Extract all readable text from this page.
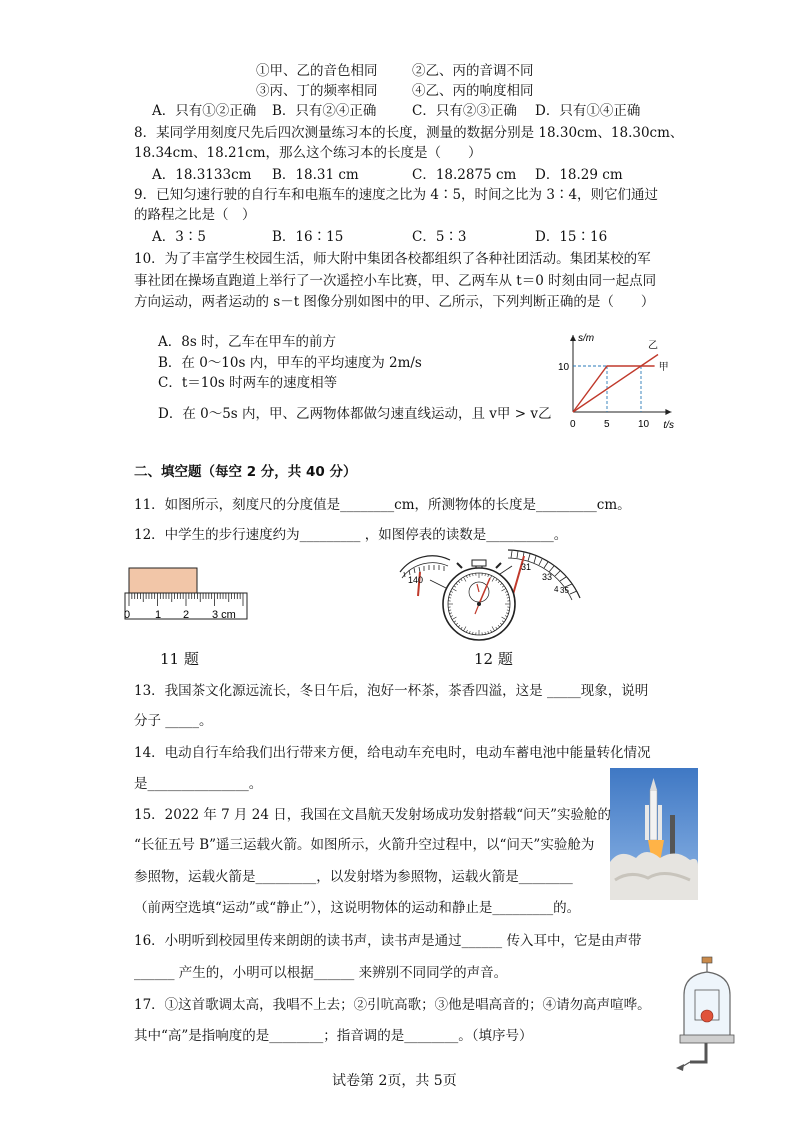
①甲、乙的音色相同	②乙、丙的音调不同
③丙、丁的频率相同	④乙、丙的响度相同
A．只有①②正确 B．只有②④正确	C．只有②③正确 D．只有①④正确
8．某同学用刻度尺先后四次测量练习本的长度，测量的数据分别是 18.30cm、18.30cm、
18.34cm、18.21cm，那么这个练习本的长度是（　　）
A．18.3133cm B．18.31 cm	C．18.2875 cm D．18.29 cm
9．已知匀速行驶的自行车和电瓶车的速度之比为 4∶5，时间之比为 3∶4，则它们通过
的路程之比是（　）
A．3∶5	B．16∶15	C．5∶3	D．15∶16
10．为了丰富学生校园生活，师大附中集团各校都组织了各种社团活动。集团某校的军
事社团在操场直跑道上举行了一次遥控小车比赛，甲、乙两车从 t＝0 时刻由同一起点同
方向运动，两者运动的 s－t 图像分别如图中的甲、乙所示，下列判断正确的是（　　）
A．8s 时，乙车在甲车的前方
B．在 0～10s 内，甲车的平均速度为 2m/s
C．t＝10s 时两车的速度相等
D．在 0～5s 内，甲、乙两物体都做匀速直线运动，且 v甲 > v乙
s/m
t/s
0	5	10
10	甲
乙
二、填空题（每空 2 分，共 40 分）
11．如图所示，刻度尺的分度值是________cm，所测物体的长度是_________cm。
12．中学生的步行速度约为_________ ，如图停表的读数是__________。
0 1 2 3 cm
11 题
140
31
33
35
4
12 题
13．我国茶文化源远流长，冬日午后，泡好一杯茶，茶香四溢，这是 _____现象，说明
分子 _____。
14．电动自行车给我们出行带来方便，给电动车充电时，电动车蓄电池中能量转化情况
是_______________。
15．2022 年 7 月 24 日，我国在文昌航天发射场成功发射搭载“问天”实验舱的
“长征五号 B”遥三运载火箭。如图所示，火箭升空过程中，以“问天”实验舱为
参照物，运载火箭是_________，以发射塔为参照物，运载火箭是________
（前两空选填“运动”或“静止”），这说明物体的运动和静止是_________的。
16．小明听到校园里传来朗朗的读书声，读书声是通过______ 传入耳中，它是由声带
______ 产生的，小明可以根据______ 来辨别不同同学的声音。
17．①这首歌调太高，我唱不上去；②引吭高歌；③他是唱高音的；④请勿高声喧哗。
其中“高”是指响度的是________；指音调的是________。（填序号）
试卷第 2页，共 5页
